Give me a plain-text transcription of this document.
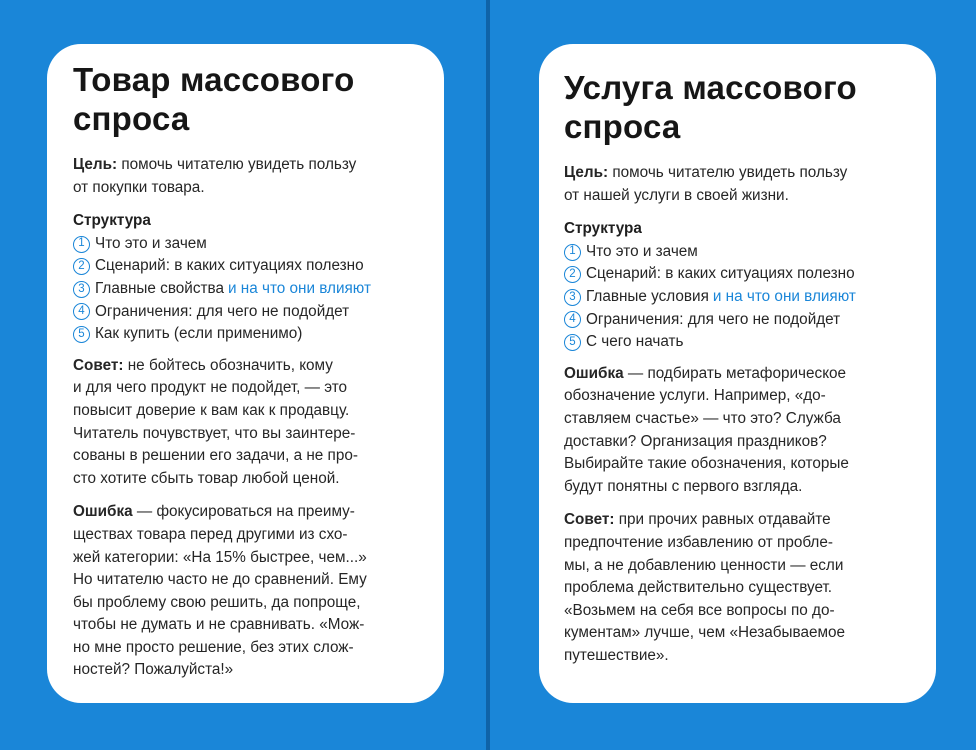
Товар массового
спроса

Цель: помочь читателю увидеть пользу
от покупки товара.

Структура

1 Что это и зачем
2 Сценарий: в каких ситуациях полезно
3 Главные свойства и на что они влияют
4 Ограничения: для чего не подойдет
5 Как купить (если применимо)

Совет: не бойтесь обозначить, кому
и для чего продукт не подойдет, — это
повысит доверие к вам как к продавцу.
Читатель почувствует, что вы заинтере-
сованы в решении его задачи, а не про-
сто хотите сбыть товар любой ценой.

Ошибка — фокусироваться на преиму-
ществах товара перед другими из схо-
жей категории: «На 15% быстрее, чем...»
Но читателю часто не до сравнений. Ему
бы проблему свою решить, да попроще,
чтобы не думать и не сравнивать. «Мож-
но мне просто решение, без этих слож-
ностей? Пожалуйста!»

Услуга массового
спроса

Цель: помочь читателю увидеть пользу
от нашей услуги в своей жизни.

Структура

1 Что это и зачем
2 Сценарий: в каких ситуациях полезно
3 Главные условия и на что они влияют
4 Ограничения: для чего не подойдет
5 С чего начать

Ошибка — подбирать метафорическое
обозначение услуги. Например, «до-
ставляем счастье» — что это? Служба
доставки? Организация праздников?
Выбирайте такие обозначения, которые
будут понятны с первого взгляда.

Совет: при прочих равных отдавайте
предпочтение избавлению от пробле-
мы, а не добавлению ценности — если
проблема действительно существует.
«Возьмем на себя все вопросы по до-
кументам» лучше, чем «Незабываемое
путешествие».
